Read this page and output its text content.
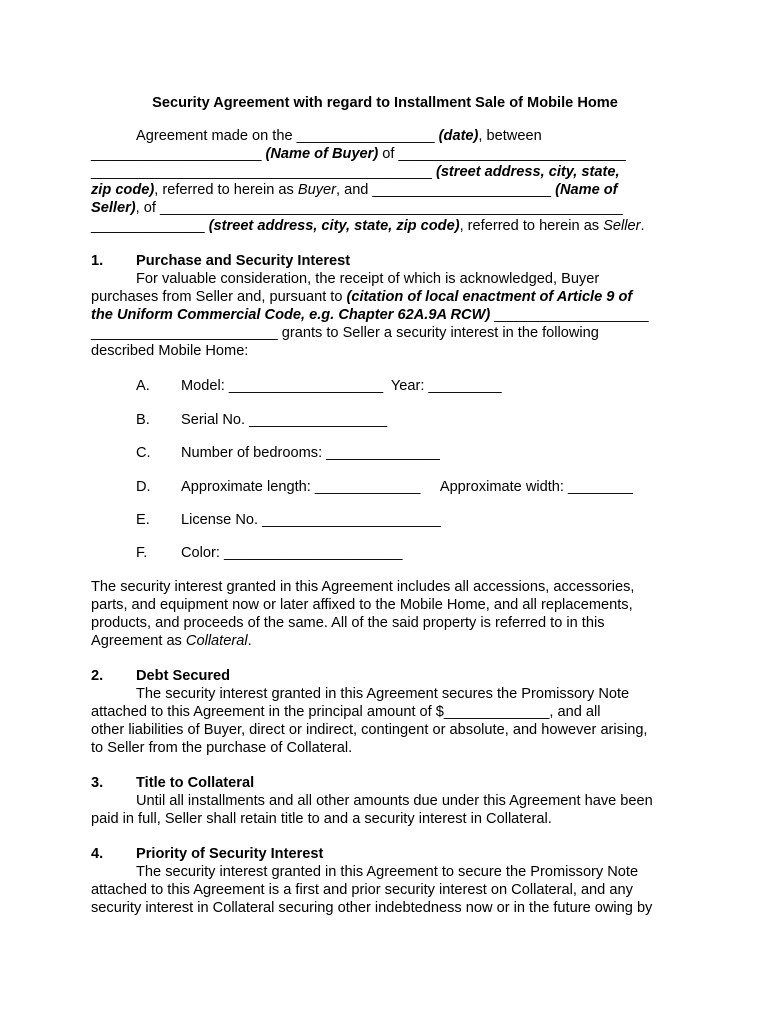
Security Agreement with regard to Installment Sale of Mobile Home
Agreement made on the _________________ (date), between
_____________________ (Name of Buyer) of ____________________________
__________________________________________ (street address, city, state,
zip code), referred to herein as Buyer, and ______________________ (Name of
Seller), of _________________________________________________________
______________ (street address, city, state, zip code), referred to herein as Seller.
1. Purchase and Security Interest
For valuable consideration, the receipt of which is acknowledged, Buyer
purchases from Seller and, pursuant to (citation of local enactment of Article 9 of
the Uniform Commercial Code, e.g. Chapter 62A.9A RCW) ___________________
_______________________ grants to Seller a security interest in the following
described Mobile Home:
A. Model: ___________________  Year: _________
B. Serial No. _________________
C. Number of bedrooms: ______________
D. Approximate length: _____________     Approximate width: ________
E. License No. ______________________
F. Color: ______________________
The security interest granted in this Agreement includes all accessions, accessories,
parts, and equipment now or later affixed to the Mobile Home, and all replacements,
products, and proceeds of the same. All of the said property is referred to in this
Agreement as Collateral.
2. Debt Secured
The security interest granted in this Agreement secures the Promissory Note
attached to this Agreement in the principal amount of $_____________, and all
other liabilities of Buyer, direct or indirect, contingent or absolute, and however arising,
to Seller from the purchase of Collateral.
3. Title to Collateral
Until all installments and all other amounts due under this Agreement have been
paid in full, Seller shall retain title to and a security interest in Collateral.
4. Priority of Security Interest
The security interest granted in this Agreement to secure the Promissory Note
attached to this Agreement is a first and prior security interest on Collateral, and any
security interest in Collateral securing other indebtedness now or in the future owing by
